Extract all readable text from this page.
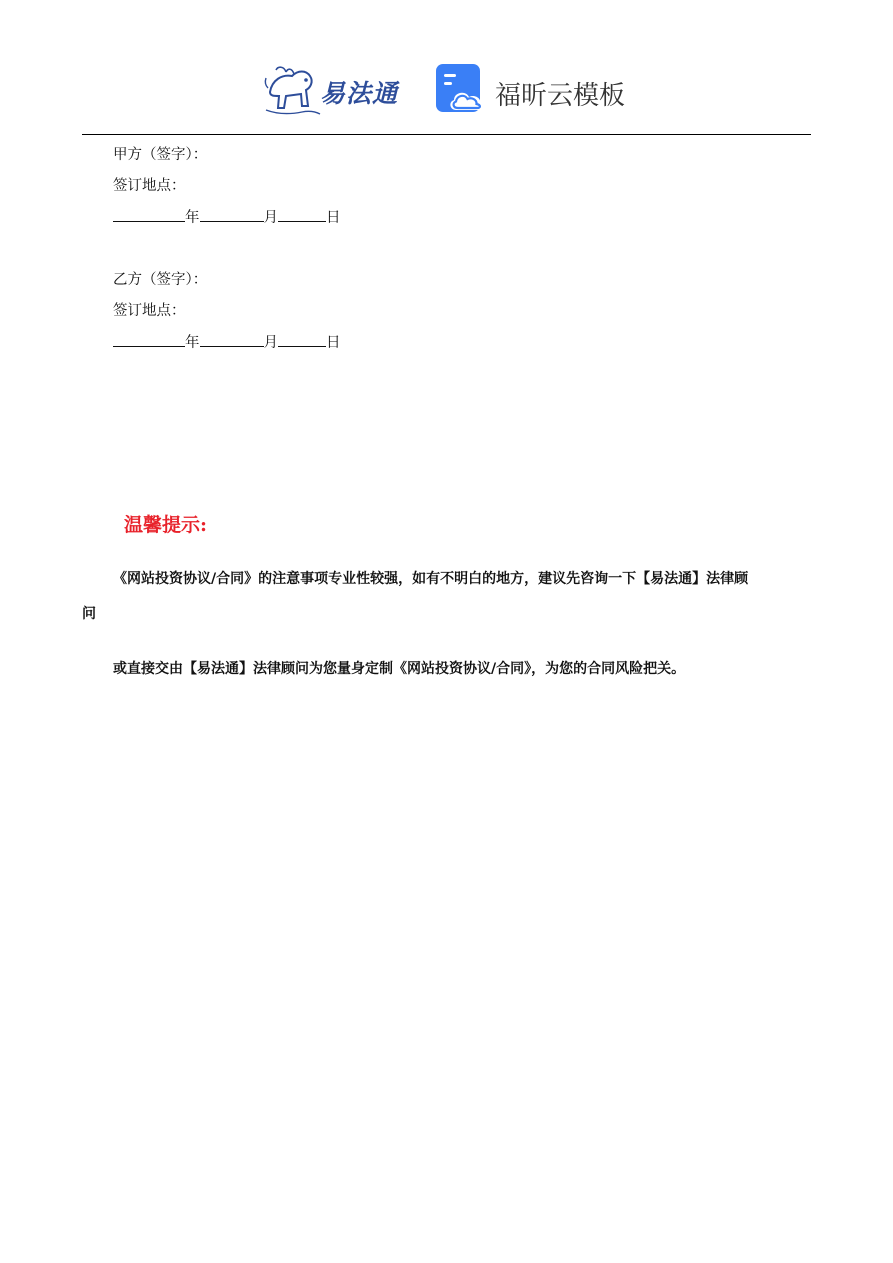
易法通	福昕云模板
甲方（签字）：
签订地点：
年	月	日
乙方（签字）：
签订地点：
年	月	日
温馨提示:
《网站投资协议/合同》的注意事项专业性较强，如有不明白的地方，建议先咨询一下【易法通】法律顾
问
或直接交由【易法通】法律顾问为您量身定制《网站投资协议/合同》，为您的合同风险把关。
